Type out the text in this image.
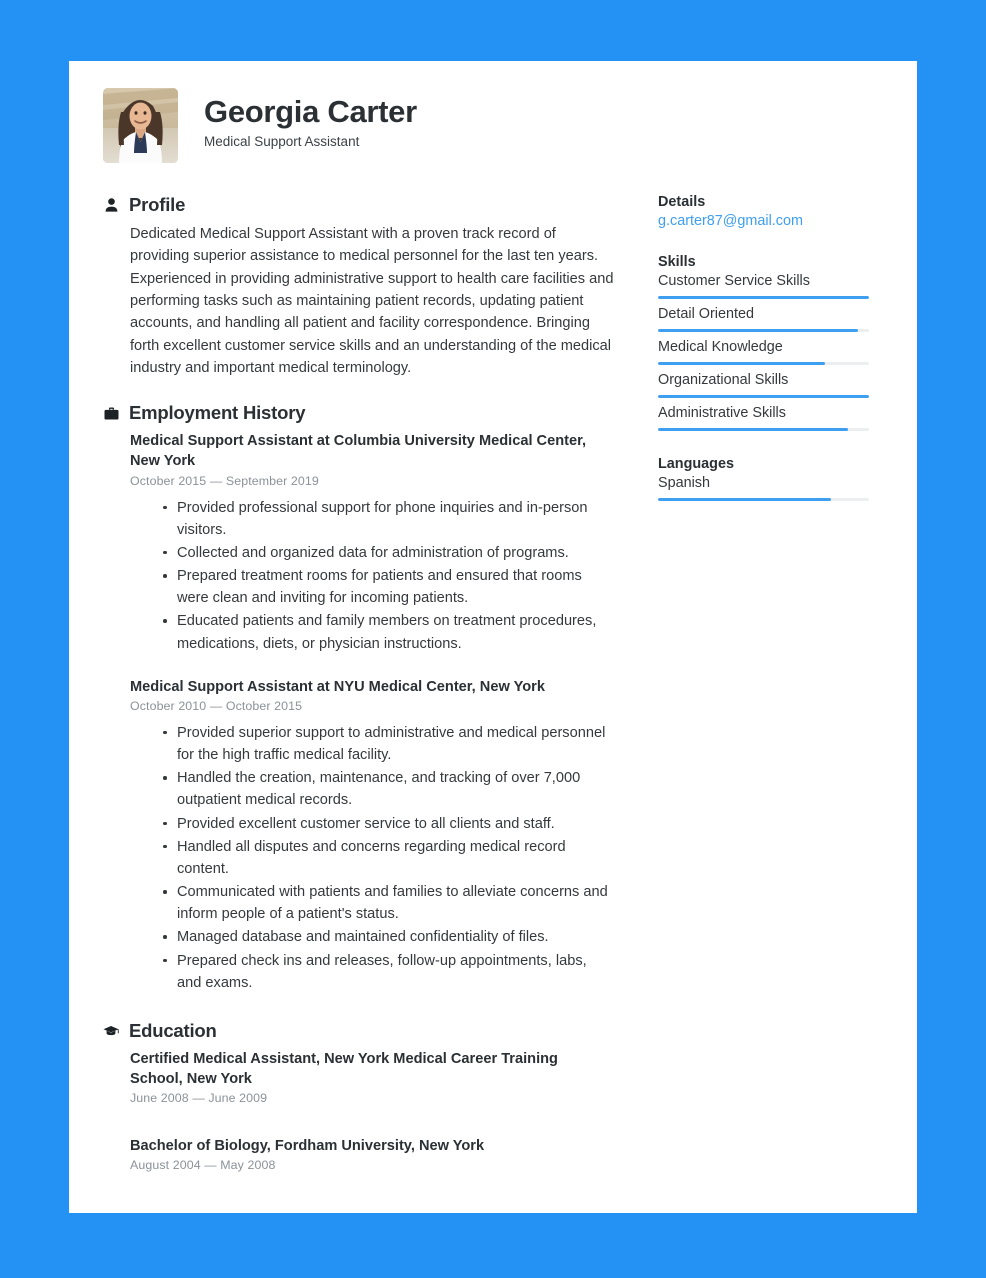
Georgia Carter
Medical Support Assistant
Profile
Dedicated Medical Support Assistant with a proven track record of providing superior assistance to medical personnel for the last ten years. Experienced in providing administrative support to health care facilities and performing tasks such as maintaining patient records, updating patient accounts, and handling all patient and facility correspondence. Bringing forth excellent customer service skills and an understanding of the medical industry and important medical terminology.
Employment History
Medical Support Assistant at Columbia University Medical Center, New York
October 2015 — September 2019
Provided professional support for phone inquiries and in-person visitors.
Collected and organized data for administration of programs.
Prepared treatment rooms for patients and ensured that rooms were clean and inviting for incoming patients.
Educated patients and family members on treatment procedures, medications, diets, or physician instructions.
Medical Support Assistant at NYU Medical Center, New York
October 2010 — October 2015
Provided superior support to administrative and medical personnel for the high traffic medical facility.
Handled the creation, maintenance, and tracking of over 7,000 outpatient medical records.
Provided excellent customer service to all clients and staff.
Handled all disputes and concerns regarding medical record content.
Communicated with patients and families to alleviate concerns and inform people of a patient's status.
Managed database and maintained confidentiality of files.
Prepared check ins and releases, follow-up appointments, labs, and exams.
Education
Certified Medical Assistant, New York Medical Career Training School, New York
June 2008 — June 2009
Bachelor of Biology, Fordham University, New York
August 2004 — May 2008
Details
g.carter87@gmail.com
Skills
Customer Service Skills
Detail Oriented
Medical Knowledge
Organizational Skills
Administrative Skills
Languages
Spanish
